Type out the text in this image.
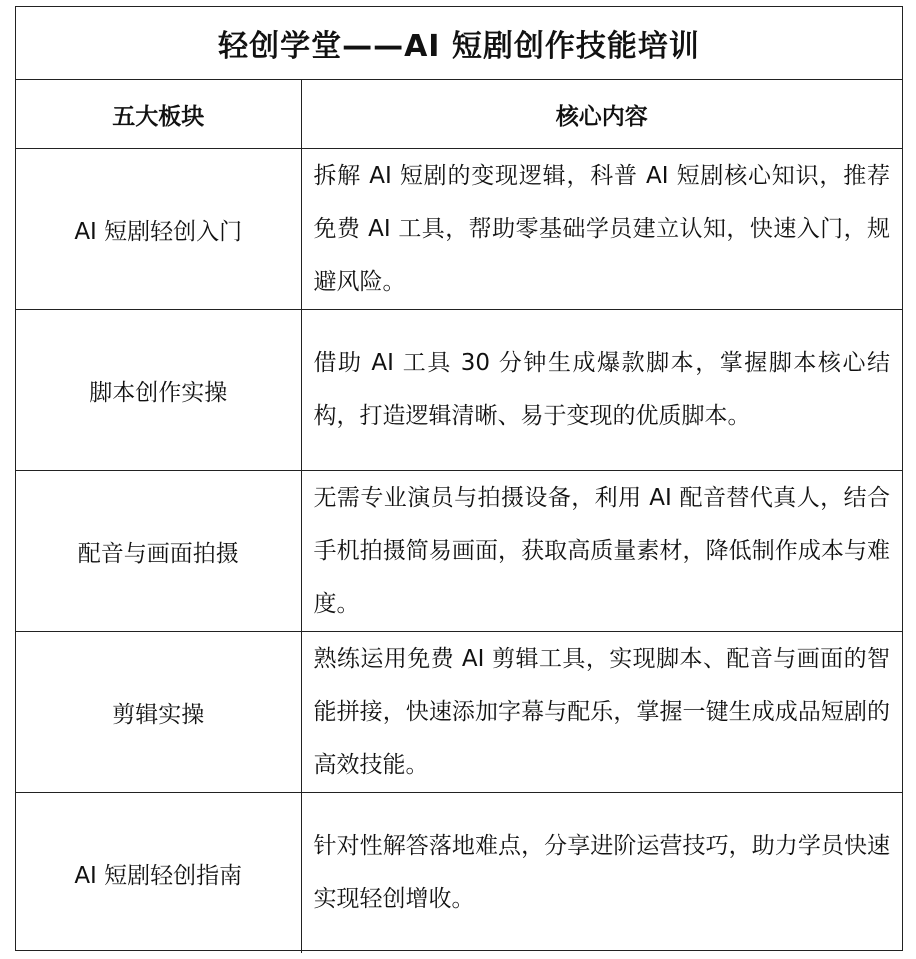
轻创学堂——AI 短剧创作技能培训	
五大板块	核心内容
AI 短剧轻创入门	拆解 AI 短剧的变现逻辑，科普 AI 短剧核心知识，推荐免费 AI 工具，帮助零基础学员建立认知，快速入门，规避风险。
脚本创作实操	借助 AI 工具 30 分钟生成爆款脚本，掌握脚本核心结构，打造逻辑清晰、易于变现的优质脚本。
配音与画面拍摄	无需专业演员与拍摄设备，利用 AI 配音替代真人，结合手机拍摄简易画面，获取高质量素材，降低制作成本与难度。
剪辑实操	熟练运用免费 AI 剪辑工具，实现脚本、配音与画面的智能拼接，快速添加字幕与配乐，掌握一键生成成品短剧的高效技能。
AI 短剧轻创指南	针对性解答落地难点，分享进阶运营技巧，助力学员快速实现轻创增收。
